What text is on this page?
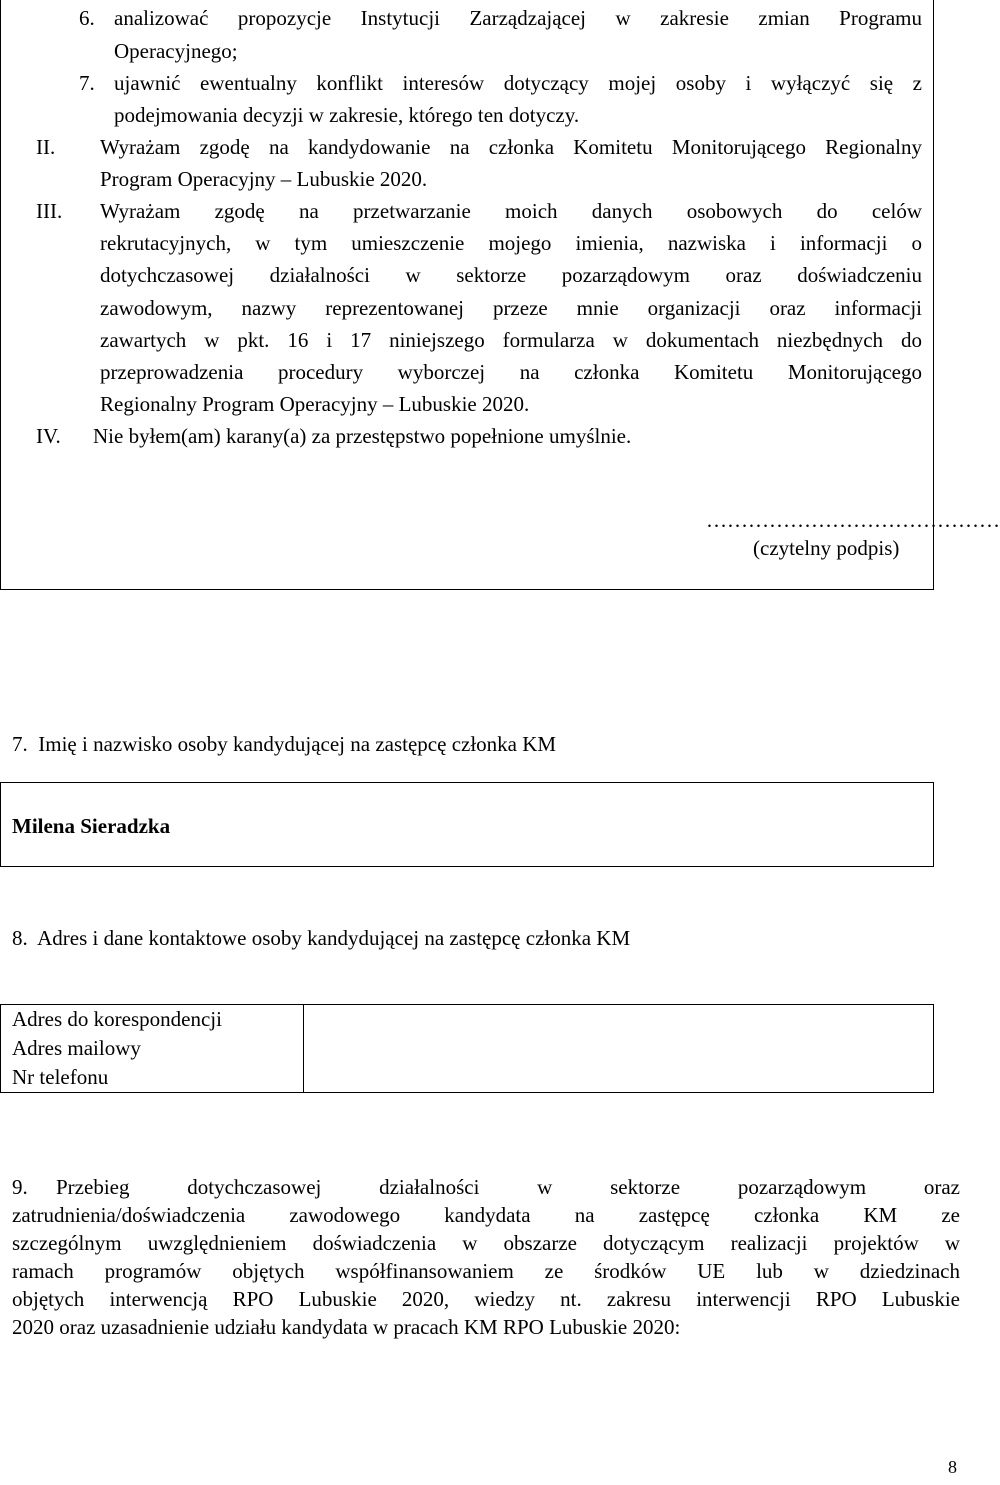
6. analizować propozycje Instytucji Zarządzającej w zakresie zmian Programu
Operacyjnego;
7. ujawnić ewentualny konflikt interesów dotyczący mojej osoby i wyłączyć się z
podejmowania decyzji w zakresie, którego ten dotyczy.
II. Wyrażam zgodę na kandydowanie na członka Komitetu Monitorującego Regionalny
Program Operacyjny – Lubuskie 2020.
III. Wyrażam zgodę na przetwarzanie moich danych osobowych do celów
rekrutacyjnych, w tym umieszczenie mojego imienia, nazwiska i informacji o
dotychczasowej działalności w sektorze pozarządowym oraz doświadczeniu
zawodowym, nazwy reprezentowanej przeze mnie organizacji oraz informacji
zawartych w pkt. 16 i 17 niniejszego formularza w dokumentach niezbędnych do
przeprowadzenia procedury wyborczej na członka Komitetu Monitorującego
Regionalny Program Operacyjny – Lubuskie 2020.
IV. Nie byłem(am) karany(a) za przestępstwo popełnione umyślnie.
……………………………………
(czytelny podpis)
7.  Imię i nazwisko osoby kandydującej na zastępcę członka KM
Milena Sieradzka
8.  Adres i dane kontaktowe osoby kandydującej na zastępcę członka KM
Adres do korespondencji
Adres mailowy
Nr telefonu

9. Przebieg dotychczasowej działalności w sektorze pozarządowym oraz
zatrudnienia/doświadczenia zawodowego kandydata na zastępcę członka KM ze
szczególnym uwzględnieniem doświadczenia w obszarze dotyczącym realizacji projektów w
ramach programów objętych współfinansowaniem ze środków UE lub w dziedzinach
objętych interwencją RPO Lubuskie 2020, wiedzy nt. zakresu interwencji RPO Lubuskie
2020 oraz uzasadnienie udziału kandydata w pracach KM RPO Lubuskie 2020:
8
